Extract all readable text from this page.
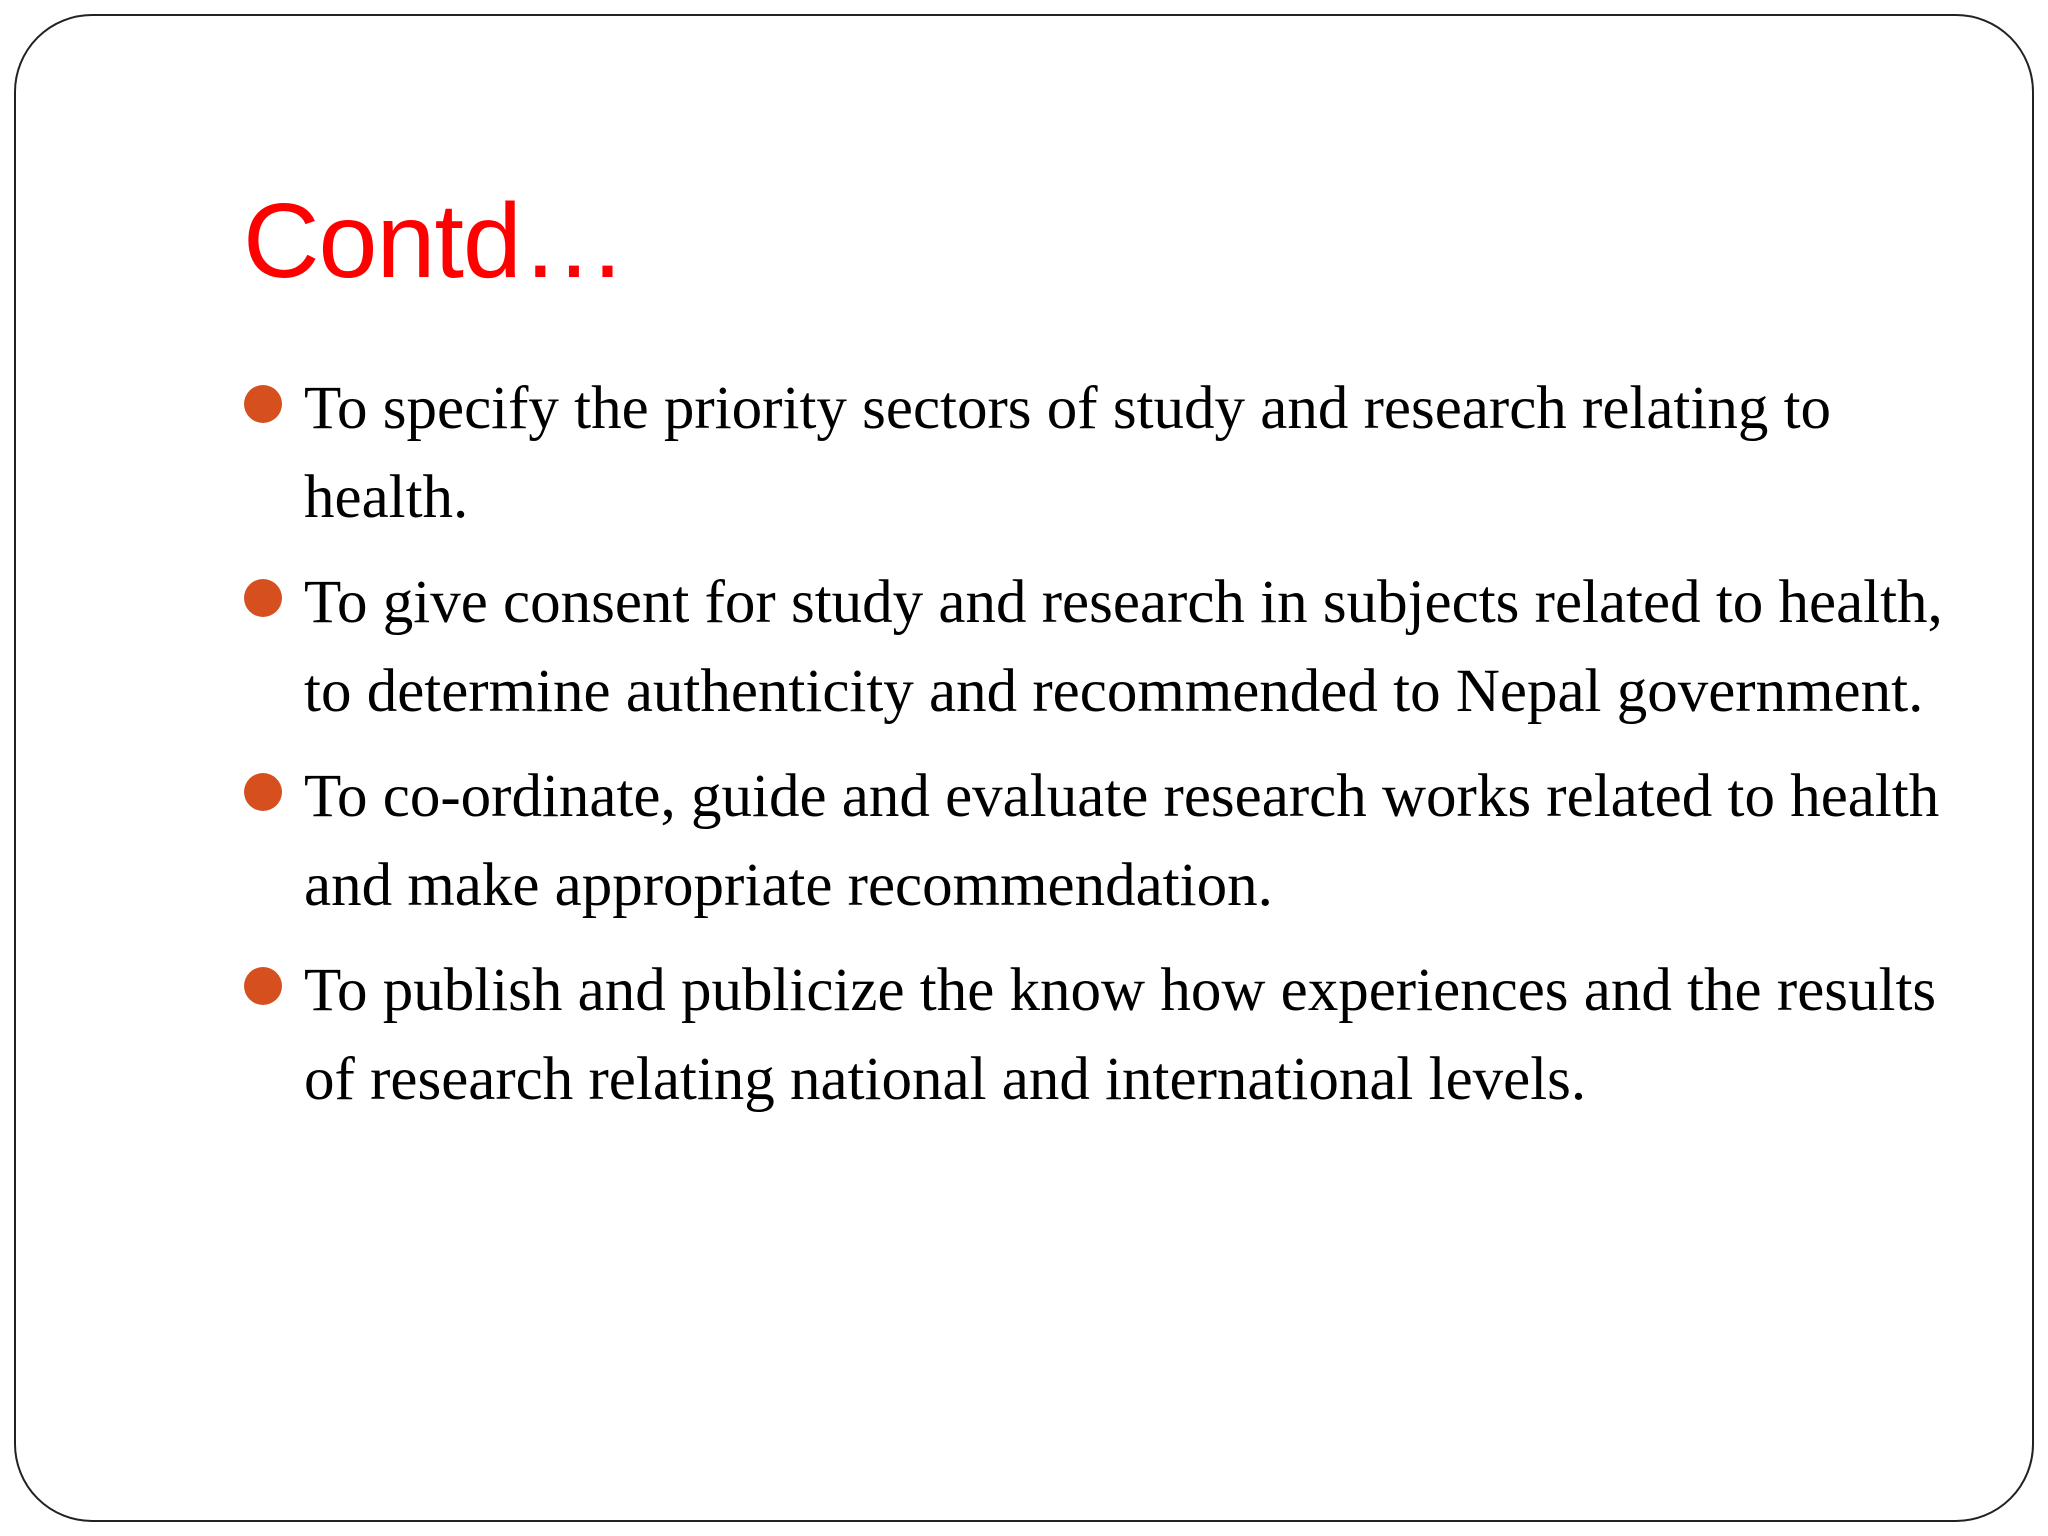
Contd…
To specify the priority sectors of study and research relating to health.
To give consent for study and research in subjects related to health, to determine authenticity and recommended to Nepal government.
To co-ordinate, guide and evaluate research works related to health and make appropriate recommendation.
To publish and publicize the know how experiences and the results of research relating national and international levels.
